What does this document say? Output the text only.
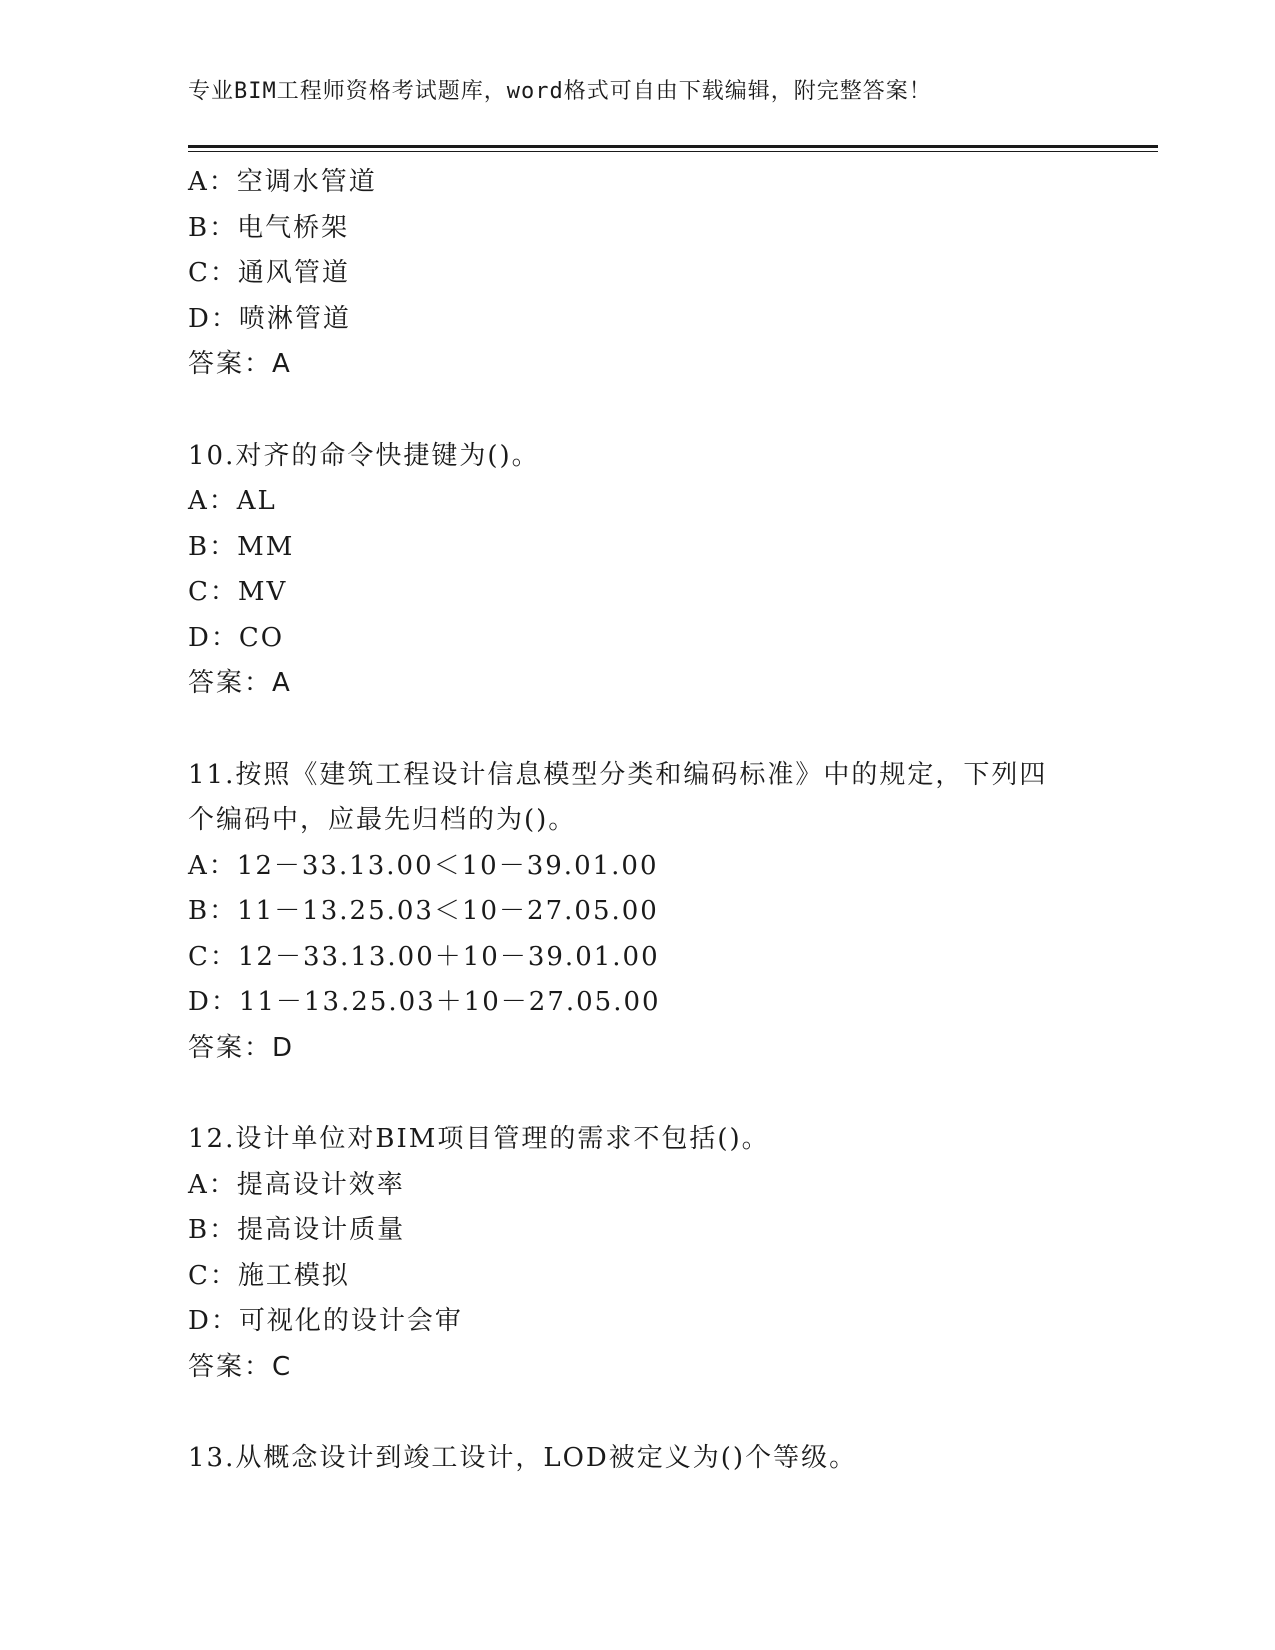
专业BIM工程师资格考试题库，word格式可自由下载编辑，附完整答案！
A：空调水管道
B：电气桥架
C：通风管道
D：喷淋管道
答案：A
10.对齐的命令快捷键为()。
A：AL
B：MM
C：MV
D：CO
答案：A
11.按照《建筑工程设计信息模型分类和编码标准》中的规定，下列四
个编码中，应最先归档的为()。
A：12－33.13.00＜10－39.01.00
B：11－13.25.03＜10－27.05.00
C：12－33.13.00＋10－39.01.00
D：11－13.25.03＋10－27.05.00
答案：D
12.设计单位对BIM项目管理的需求不包括()。
A：提高设计效率
B：提高设计质量
C：施工模拟
D：可视化的设计会审
答案：C
13.从概念设计到竣工设计，LOD被定义为()个等级。
